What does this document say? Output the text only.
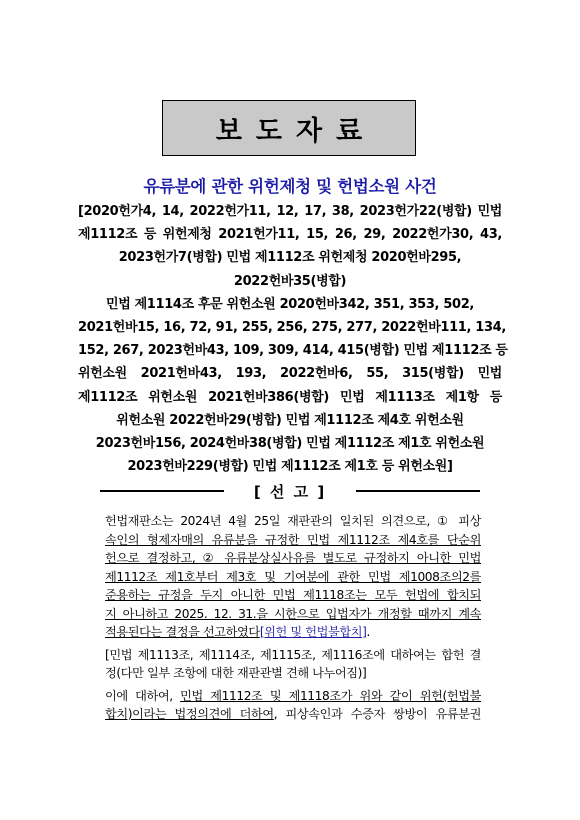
보도자료
유류분에 관한 위헌제청 및 헌법소원 사건
[2020헌가4, 14, 2022헌가11, 12, 17, 38, 2023헌가22(병합) 민법
제1112조 등 위헌제청 2021헌가11, 15, 26, 29, 2022헌가30, 43,
2023헌가7(병합) 민법 제1112조 위헌제청 2020헌바295,
2022헌바35(병합)
민법 제1114조 후문 위헌소원 2020헌바342, 351, 353, 502,
2021헌바15, 16, 72, 91, 255, 256, 275, 277, 2022헌바111, 134,
152, 267, 2023헌바43, 109, 309, 414, 415(병합) 민법 제1112조 등
위헌소원 2021헌바43, 193, 2022헌바6, 55, 315(병합) 민법
제1112조 위헌소원 2021헌바386(병합) 민법 제1113조 제1항 등
위헌소원 2022헌바29(병합) 민법 제1112조 제4호 위헌소원
2023헌바156, 2024헌바38(병합) 민법 제1112조 제1호 위헌소원
2023헌바229(병합) 민법 제1112조 제1호 등 위헌소원]
[ 선 고 ]
헌법재판소는 2024년 4월 25일 재판관의 일치된 의견으로, ① 피상
속인의 형제자매의 유류분을 규정한 민법 제1112조 제4호를 단순위
헌으로 결정하고, ② 유류분상실사유를 별도로 규정하지 아니한 민법
제1112조 제1호부터 제3호 및 기여분에 관한 민법 제1008조의2를
준용하는 규정을 두지 아니한 민법 제1118조는 모두 헌법에 합치되
지 아니하고 2025. 12. 31.을 시한으로 입법자가 개정할 때까지 계속
적용된다는 결정을 선고하였다[위헌 및 헌법불합치].
[민법 제1113조, 제1114조, 제1115조, 제1116조에 대하여는 합헌 결
정(다만 일부 조항에 대한 재판관별 견해 나누어짐)]
이에 대하여, 민법 제1112조 및 제1118조가 위와 같이 위헌(헌법불
합치)이라는 법정의견에 더하여, 피상속인과 수증자 쌍방이 유류분권
